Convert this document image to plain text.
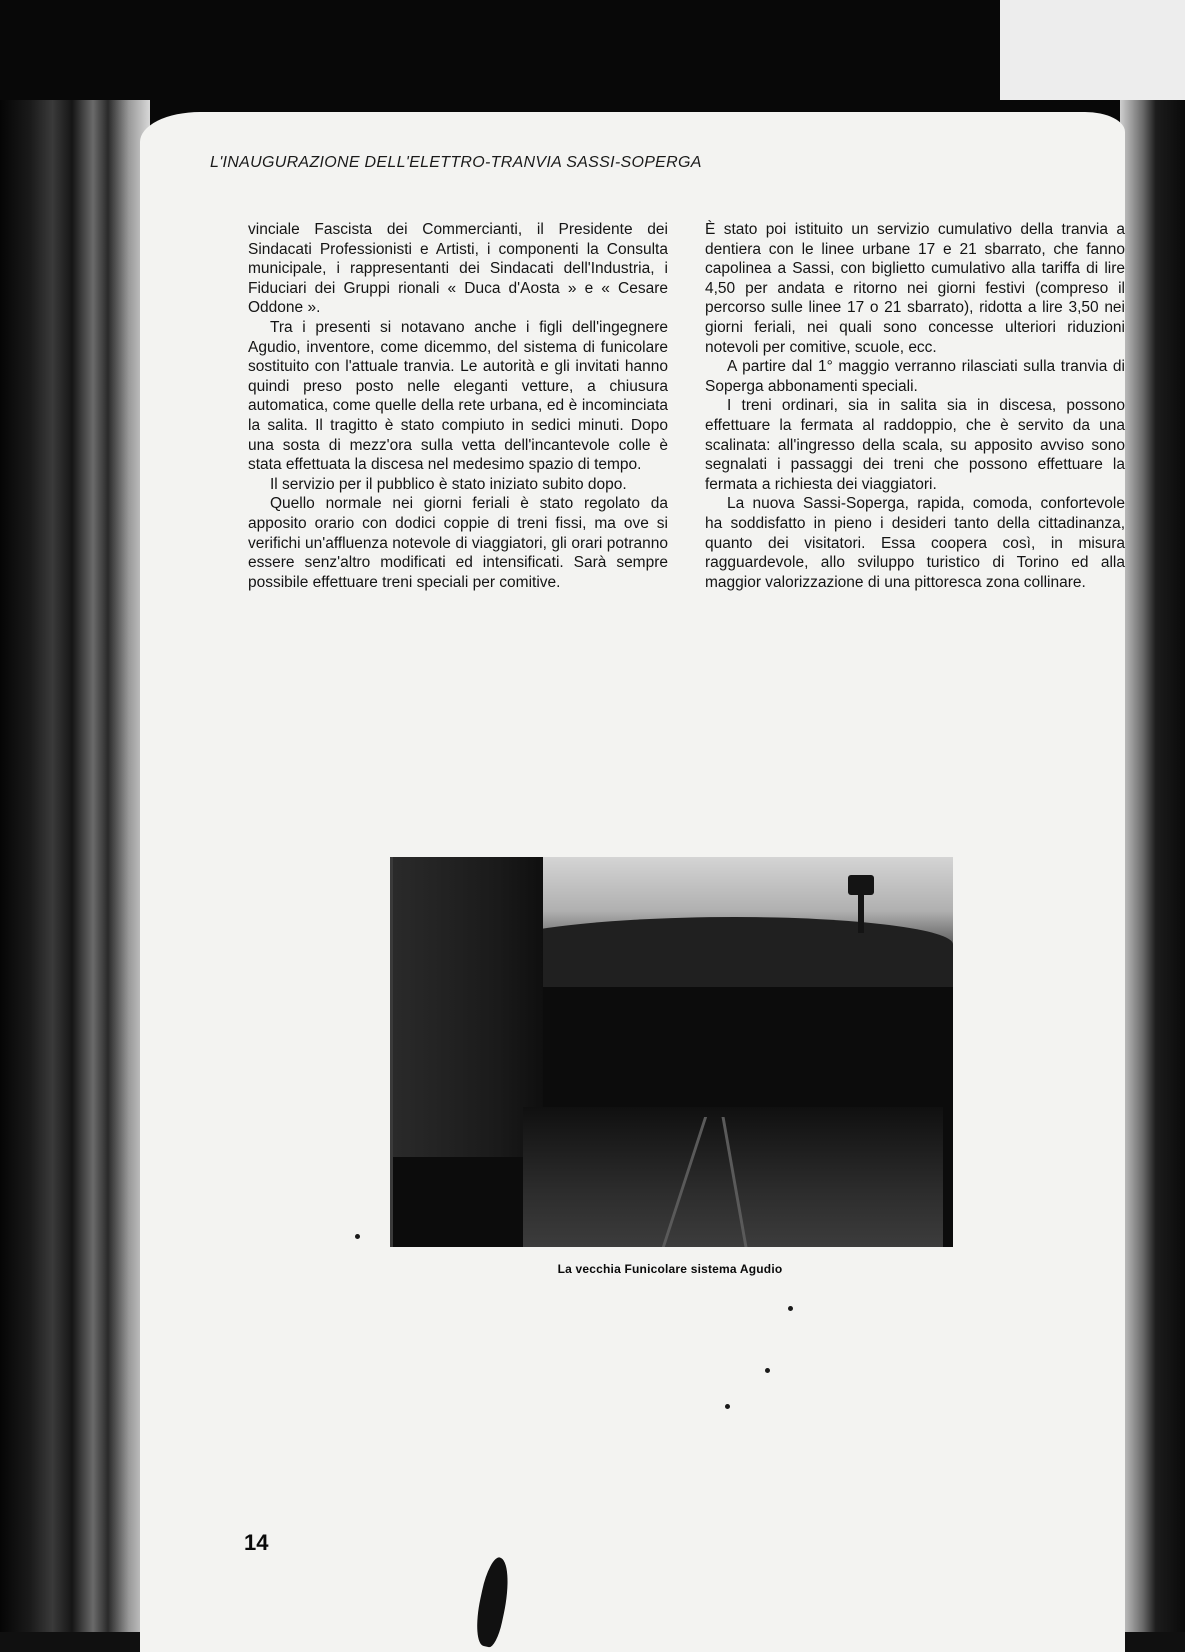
L'INAUGURAZIONE DELL'ELETTRO-TRANVIA SASSI-SOPERGA

vinciale Fascista dei Commercianti, il Presidente dei Sindacati Professionisti e Artisti, i componenti la Consulta municipale, i rappresentanti dei Sindacati dell'Industria, i Fiduciari dei Gruppi rionali « Duca d'Aosta » e « Cesare Oddone ».

Tra i presenti si notavano anche i figli dell'ingegnere Agudio, inventore, come dicemmo, del sistema di funicolare sostituito con l'attuale tranvia. Le autorità e gli invitati hanno quindi preso posto nelle eleganti vetture, a chiusura automatica, come quelle della rete urbana, ed è incominciata la salita. Il tragitto è stato compiuto in sedici minuti. Dopo una sosta di mezz'ora sulla vetta dell'incantevole colle è stata effettuata la discesa nel medesimo spazio di tempo.

Il servizio per il pubblico è stato iniziato subito dopo.

Quello normale nei giorni feriali è stato regolato da apposito orario con dodici coppie di treni fissi, ma ove si verifichi un'affluenza notevole di viaggiatori, gli orari potranno essere senz'altro modificati ed intensificati. Sarà sempre possibile effettuare treni speciali per comitive.

È stato poi istituito un servizio cumulativo della tranvia a dentiera con le linee urbane 17 e 21 sbarrato, che fanno capolinea a Sassi, con biglietto cumulativo alla tariffa di lire 4,50 per andata e ritorno nei giorni festivi (compreso il percorso sulle linee 17 o 21 sbarrato), ridotta a lire 3,50 nei giorni feriali, nei quali sono concesse ulteriori riduzioni notevoli per comitive, scuole, ecc.

A partire dal 1° maggio verranno rilasciati sulla tranvia di Soperga abbonamenti speciali.

I treni ordinari, sia in salita sia in discesa, possono effettuare la fermata al raddoppio, che è servito da una scalinata: all'ingresso della scala, su apposito avviso sono segnalati i passaggi dei treni che possono effettuare la fermata a richiesta dei viaggiatori.

La nuova Sassi-Soperga, rapida, comoda, confortevole ha soddisfatto in pieno i desideri tanto della cittadinanza, quanto dei visitatori. Essa coopera così, in misura ragguardevole, allo sviluppo turistico di Torino ed alla maggior valorizzazione di una pittoresca zona collinare.

La vecchia Funicolare sistema Agudio
14
